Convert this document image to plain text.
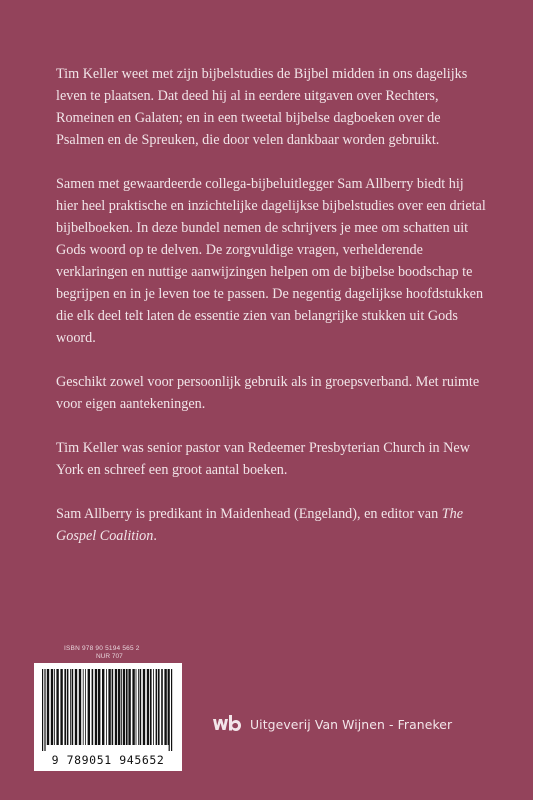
Tim Keller weet met zijn bijbelstudies de Bijbel midden in ons dagelijks leven te plaatsen. Dat deed hij al in eerdere uitgaven over Rechters, Romeinen en Galaten; en in een tweetal bijbelse dagboeken over de Psalmen en de Spreuken, die door velen dankbaar worden gebruikt.

Samen met gewaardeerde collega-bijbeluitlegger Sam Allberry biedt hij hier heel praktische en inzichtelijke dagelijkse bijbelstudies over een drietal bijbelboeken. In deze bundel nemen de schrijvers je mee om schatten uit Gods woord op te delven. De zorgvuldige vragen, verhelderende verklaringen en nuttige aanwijzingen helpen om de bijbelse boodschap te begrijpen en in je leven toe te passen. De negentig dagelijkse hoofdstukken die elk deel telt laten de essentie zien van belangrijke stukken uit Gods woord.

Geschikt zowel voor persoonlijk gebruik als in groepsverband. Met ruimte voor eigen aantekeningen.

Tim Keller was senior pastor van Redeemer Presbyterian Church in New York en schreef een groot aantal boeken.

Sam Allberry is predikant in Maidenhead (Engeland), en editor van The Gospel Coalition.

ISBN 978 90 5194 565 2
NUR 707
9 789051 945652
Uitgeverij Van Wijnen - Franeker
